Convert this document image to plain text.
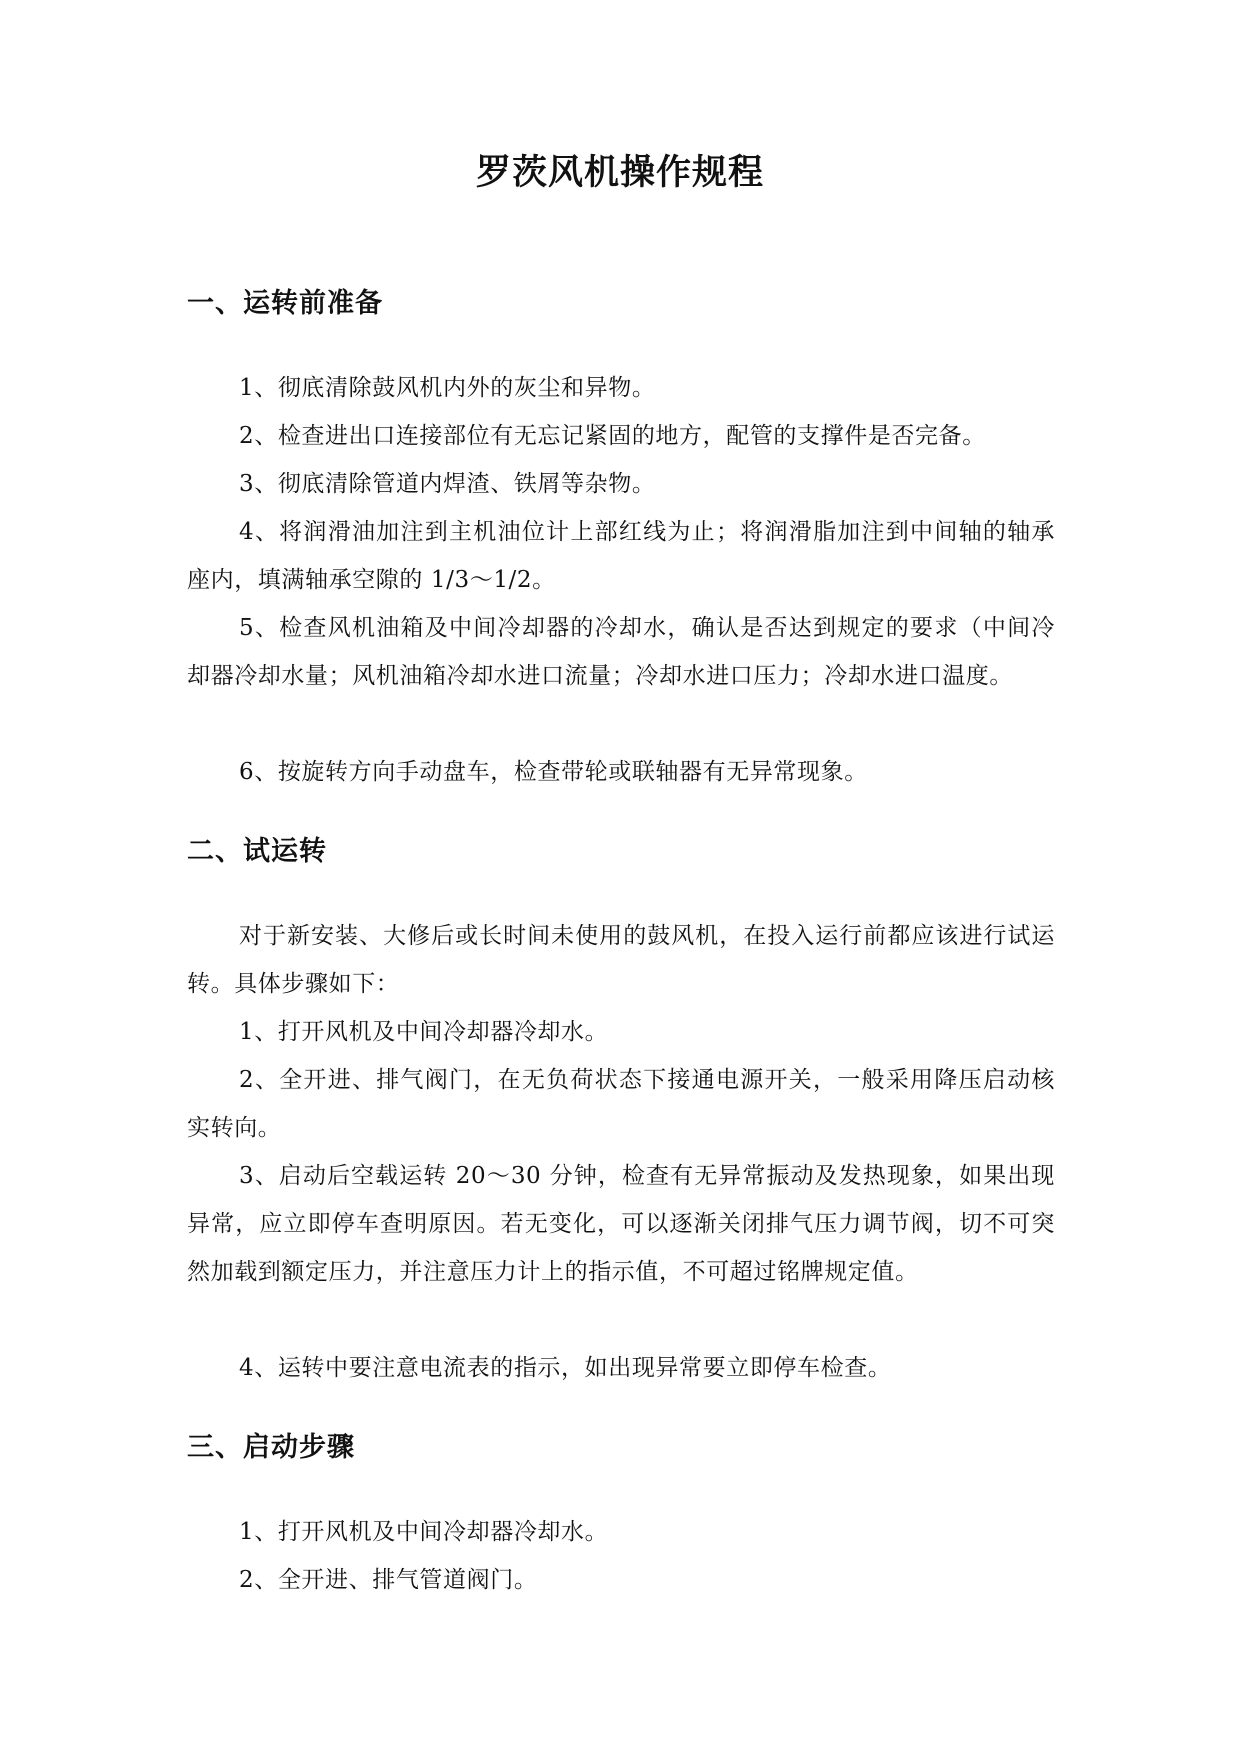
罗茨风机操作规程
一、运转前准备
1、彻底清除鼓风机内外的灰尘和异物。
2、检查进出口连接部位有无忘记紧固的地方，配管的支撑件是否完备。
3、彻底清除管道内焊渣、铁屑等杂物。
4、将润滑油加注到主机油位计上部红线为止；将润滑脂加注到中间轴的轴承座内，填满轴承空隙的 1/3～1/2。
5、检查风机油箱及中间冷却器的冷却水，确认是否达到规定的要求（中间冷却器冷却水量；风机油箱冷却水进口流量；冷却水进口压力；冷却水进口温度。
6、按旋转方向手动盘车，检查带轮或联轴器有无异常现象。
二、试运转
对于新安装、大修后或长时间未使用的鼓风机，在投入运行前都应该进行试运转。具体步骤如下：
1、打开风机及中间冷却器冷却水。
2、全开进、排气阀门，在无负荷状态下接通电源开关，一般采用降压启动核实转向。
3、启动后空载运转 20～30 分钟，检查有无异常振动及发热现象，如果出现异常，应立即停车查明原因。若无变化，可以逐渐关闭排气压力调节阀，切不可突然加载到额定压力，并注意压力计上的指示值，不可超过铭牌规定值。
4、运转中要注意电流表的指示，如出现异常要立即停车检查。
三、启动步骤
1、打开风机及中间冷却器冷却水。
2、全开进、排气管道阀门。
